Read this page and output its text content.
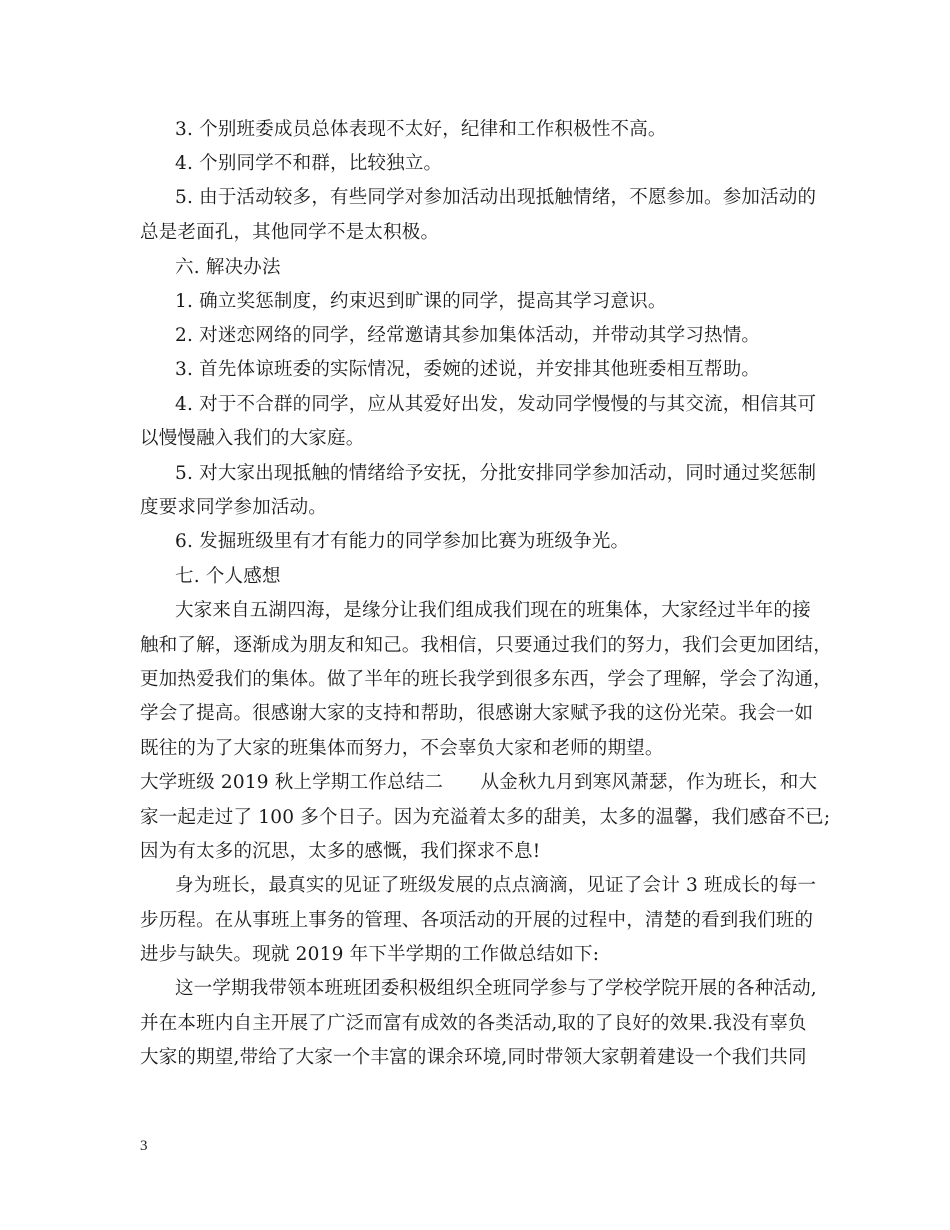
3. 个别班委成员总体表现不太好，纪律和工作积极性不高。
4. 个别同学不和群，比较独立。
5. 由于活动较多，有些同学对参加活动出现抵触情绪，不愿参加。参加活动的
总是老面孔，其他同学不是太积极。
六. 解决办法
1. 确立奖惩制度，约束迟到旷课的同学，提高其学习意识。
2. 对迷恋网络的同学，经常邀请其参加集体活动，并带动其学习热情。
3. 首先体谅班委的实际情况，委婉的述说，并安排其他班委相互帮助。
4. 对于不合群的同学，应从其爱好出发，发动同学慢慢的与其交流，相信其可
以慢慢融入我们的大家庭。
5. 对大家出现抵触的情绪给予安抚，分批安排同学参加活动，同时通过奖惩制
度要求同学参加活动。
6. 发掘班级里有才有能力的同学参加比赛为班级争光。
七. 个人感想
大家来自五湖四海，是缘分让我们组成我们现在的班集体，大家经过半年的接
触和了解，逐渐成为朋友和知己。我相信，只要通过我们的努力，我们会更加团结，
更加热爱我们的集体。做了半年的班长我学到很多东西，学会了理解，学会了沟通，
学会了提高。很感谢大家的支持和帮助，很感谢大家赋予我的这份光荣。我会一如
既往的为了大家的班集体而努力，不会辜负大家和老师的期望。
大学班级 2019 秋上学期工作总结二　　从金秋九月到寒风萧瑟，作为班长，和大
家一起走过了 100 多个日子。因为充溢着太多的甜美，太多的温馨，我们感奋不已;
因为有太多的沉思，太多的感慨，我们探求不息!
身为班长，最真实的见证了班级发展的点点滴滴，见证了会计 3 班成长的每一
步历程。在从事班上事务的管理、各项活动的开展的过程中，清楚的看到我们班的
进步与缺失。现就 2019 年下半学期的工作做总结如下:
这一学期我带领本班班团委积极组织全班同学参与了学校学院开展的各种活动,
并在本班内自主开展了广泛而富有成效的各类活动,取的了良好的效果.我没有辜负
大家的期望,带给了大家一个丰富的课余环境,同时带领大家朝着建设一个我们共同
3
